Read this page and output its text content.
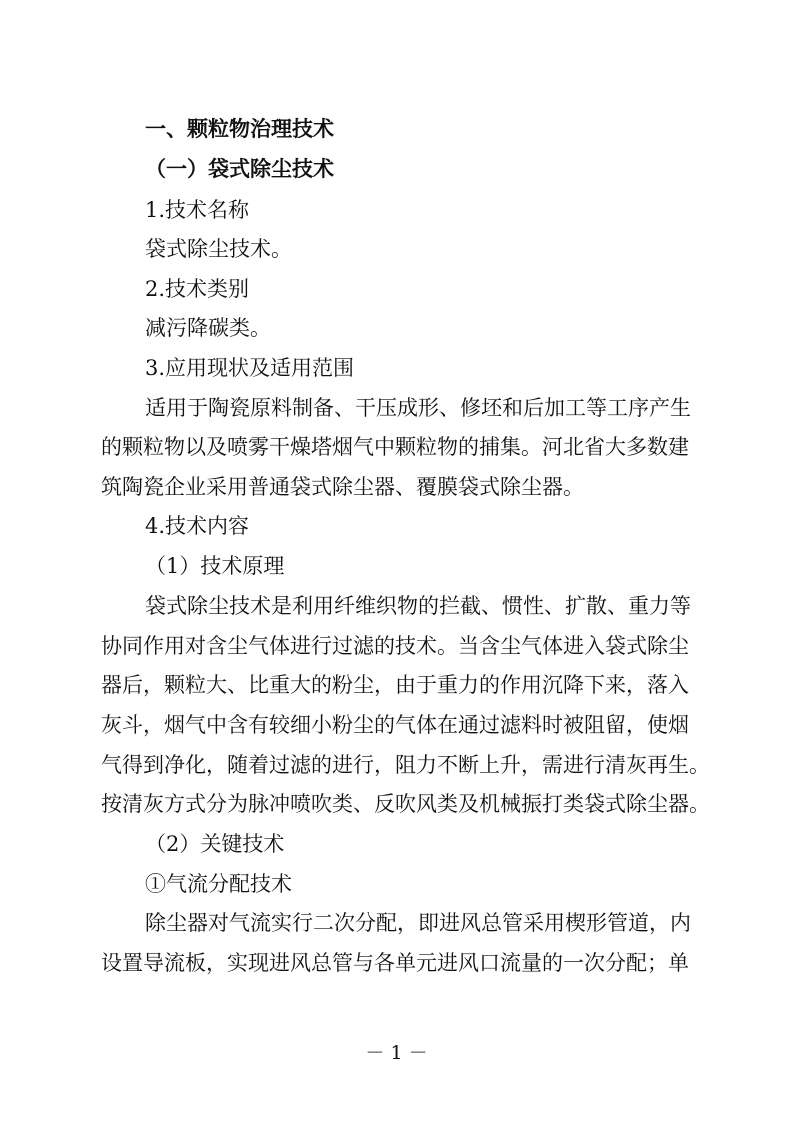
一、颗粒物治理技术
（一）袋式除尘技术
1.技术名称
袋式除尘技术。
2.技术类别
减污降碳类。
3.应用现状及适用范围
适用于陶瓷原料制备、干压成形、修坯和后加工等工序产生
的颗粒物以及喷雾干燥塔烟气中颗粒物的捕集。河北省大多数建
筑陶瓷企业采用普通袋式除尘器、覆膜袋式除尘器。
4.技术内容
（1）技术原理
袋式除尘技术是利用纤维织物的拦截、惯性、扩散、重力等
协同作用对含尘气体进行过滤的技术。当含尘气体进入袋式除尘
器后，颗粒大、比重大的粉尘，由于重力的作用沉降下来，落入
灰斗，烟气中含有较细小粉尘的气体在通过滤料时被阻留，使烟
气得到净化，随着过滤的进行，阻力不断上升，需进行清灰再生。
按清灰方式分为脉冲喷吹类、反吹风类及机械振打类袋式除尘器。
（2）关键技术
①气流分配技术
除尘器对气流实行二次分配，即进风总管采用楔形管道，内
设置导流板，实现进风总管与各单元进风口流量的一次分配；单
－ 1 －
